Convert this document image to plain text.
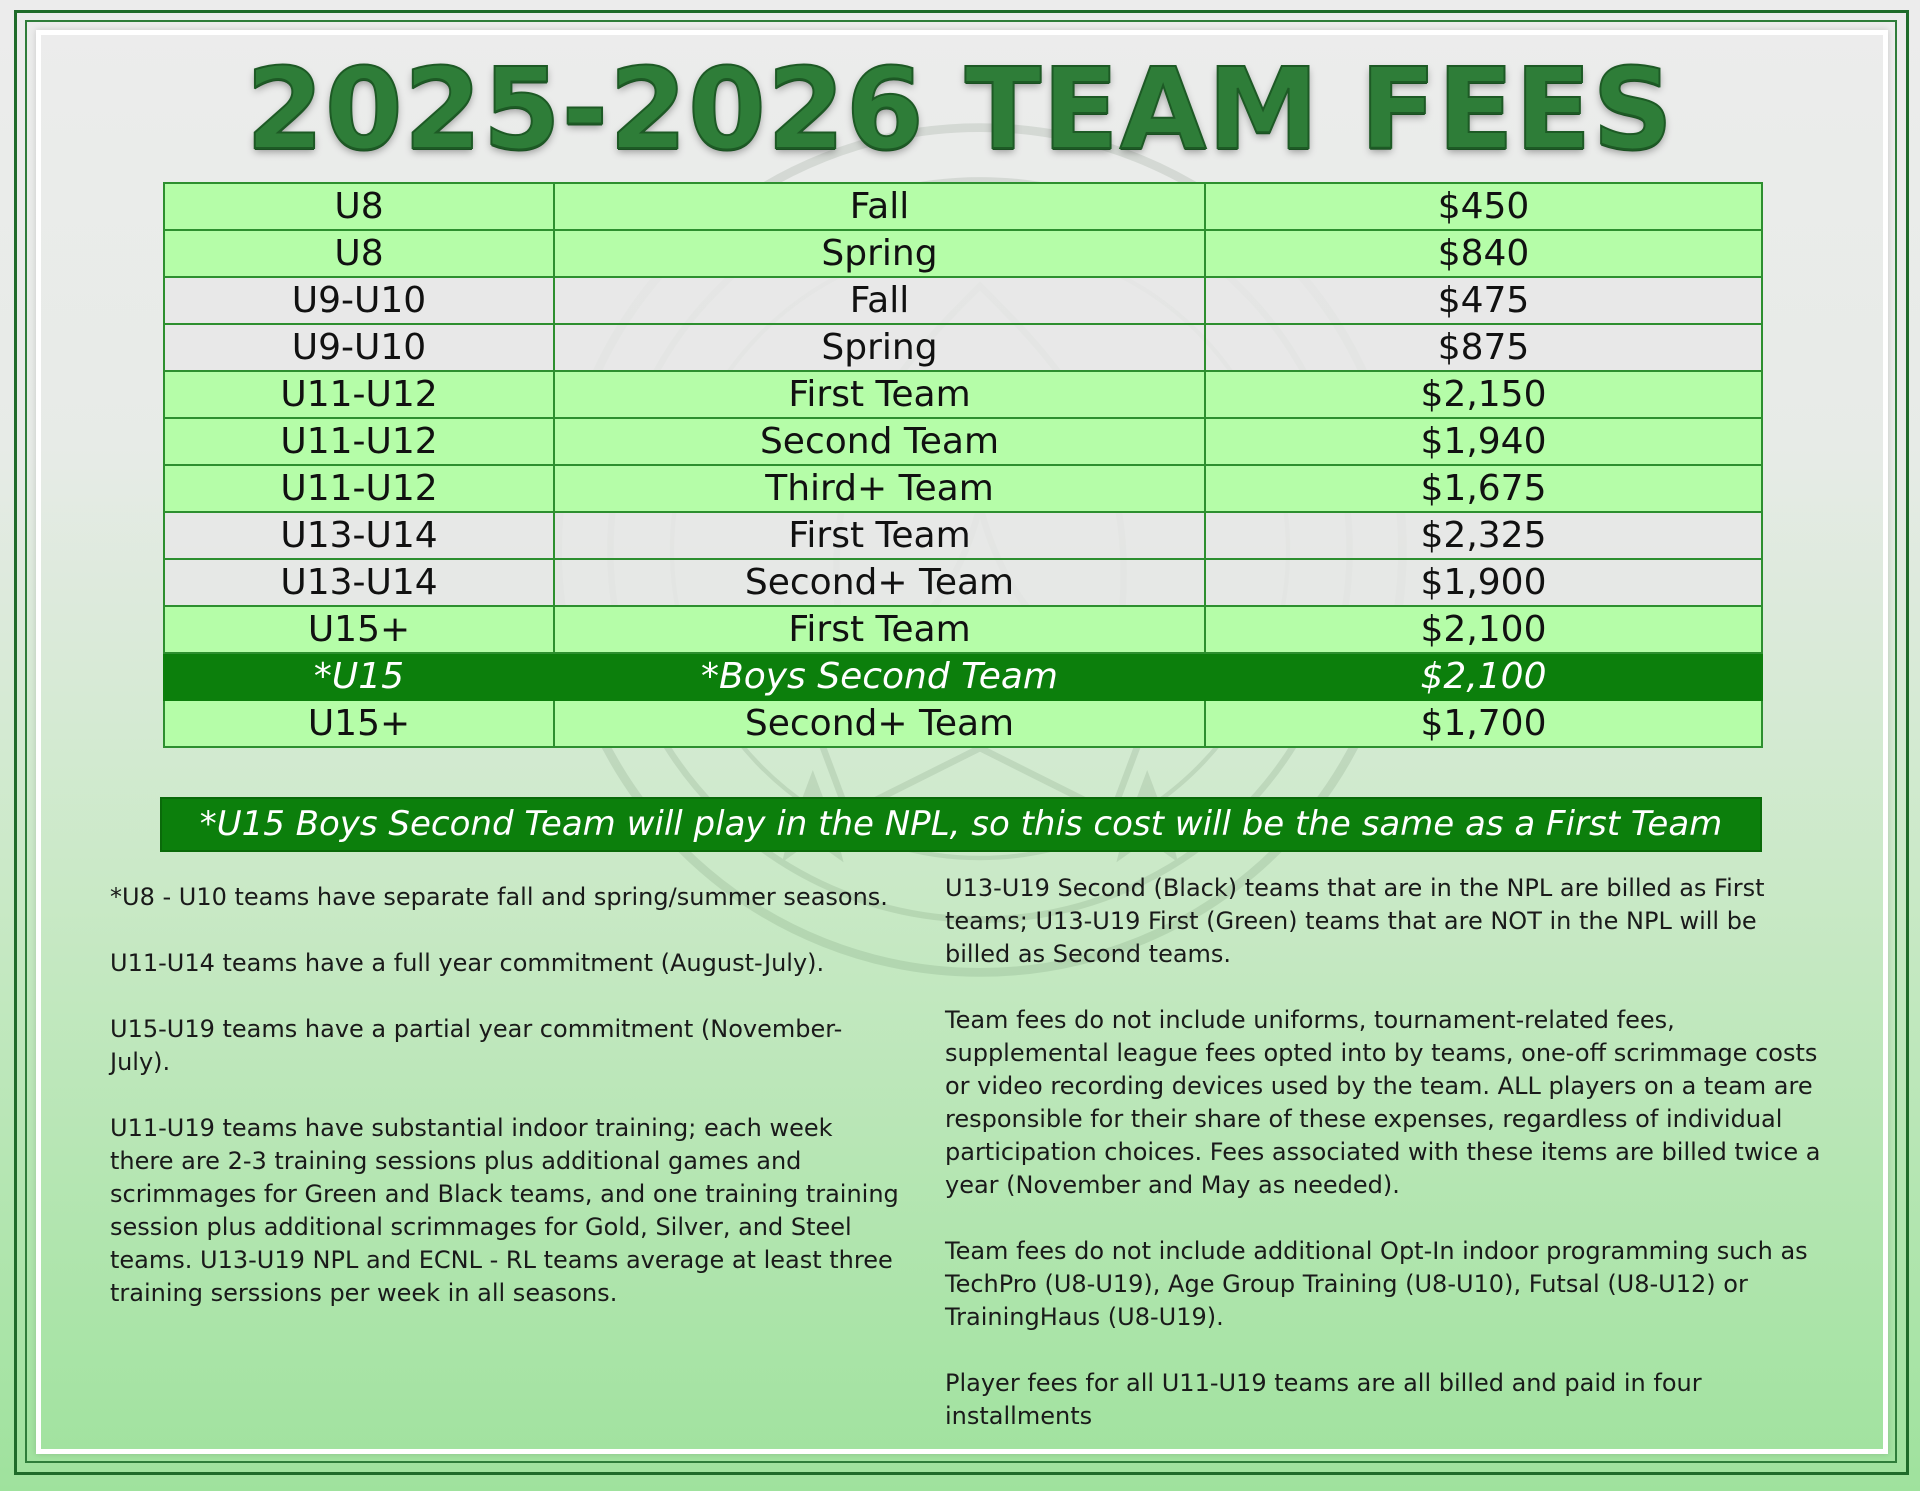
2025-2026 TEAM FEES
U8	Fall	$450
U8	Spring	$840
U9-U10	Fall	$475
U9-U10	Spring	$875
U11-U12	First Team	$2,150
U11-U12	Second Team	$1,940
U11-U12	Third+ Team	$1,675
U13-U14	First Team	$2,325
U13-U14	Second+ Team	$1,900
U15+	First Team	$2,100
*U15	*Boys Second Team	$2,100
U15+	Second+ Team	$1,700
*U15 Boys Second Team will play in the NPL, so this cost will be the same as a First Team

*U8 - U10 teams have separate fall and spring/summer seasons.

U11-U14 teams have a full year commitment (August-July).

U15-U19 teams have a partial year commitment (November-July).

U11-U19 teams have substantial indoor training; each week there are 2-3 training sessions plus additional games and scrimmages for Green and Black teams, and one training training session plus additional scrimmages for Gold, Silver, and Steel teams. U13-U19 NPL and ECNL - RL teams average at least three training serssions per week in all seasons.

U13-U19 Second (Black) teams that are in the NPL are billed as First teams; U13-U19 First (Green) teams that are NOT in the NPL will be billed as Second teams.

Team fees do not include uniforms, tournament-related fees, supplemental league fees opted into by teams, one-off scrimmage costs or video recording devices used by the team. ALL players on a team are responsible for their share of these expenses, regardless of individual participation choices. Fees associated with these items are billed twice a year (November and May as needed).

Team fees do not include additional Opt-In indoor programming such as TechPro (U8-U19), Age Group Training (U8-U10), Futsal (U8-U12) or TrainingHaus (U8-U19).

Player fees for all U11-U19 teams are all billed and paid in four installments
